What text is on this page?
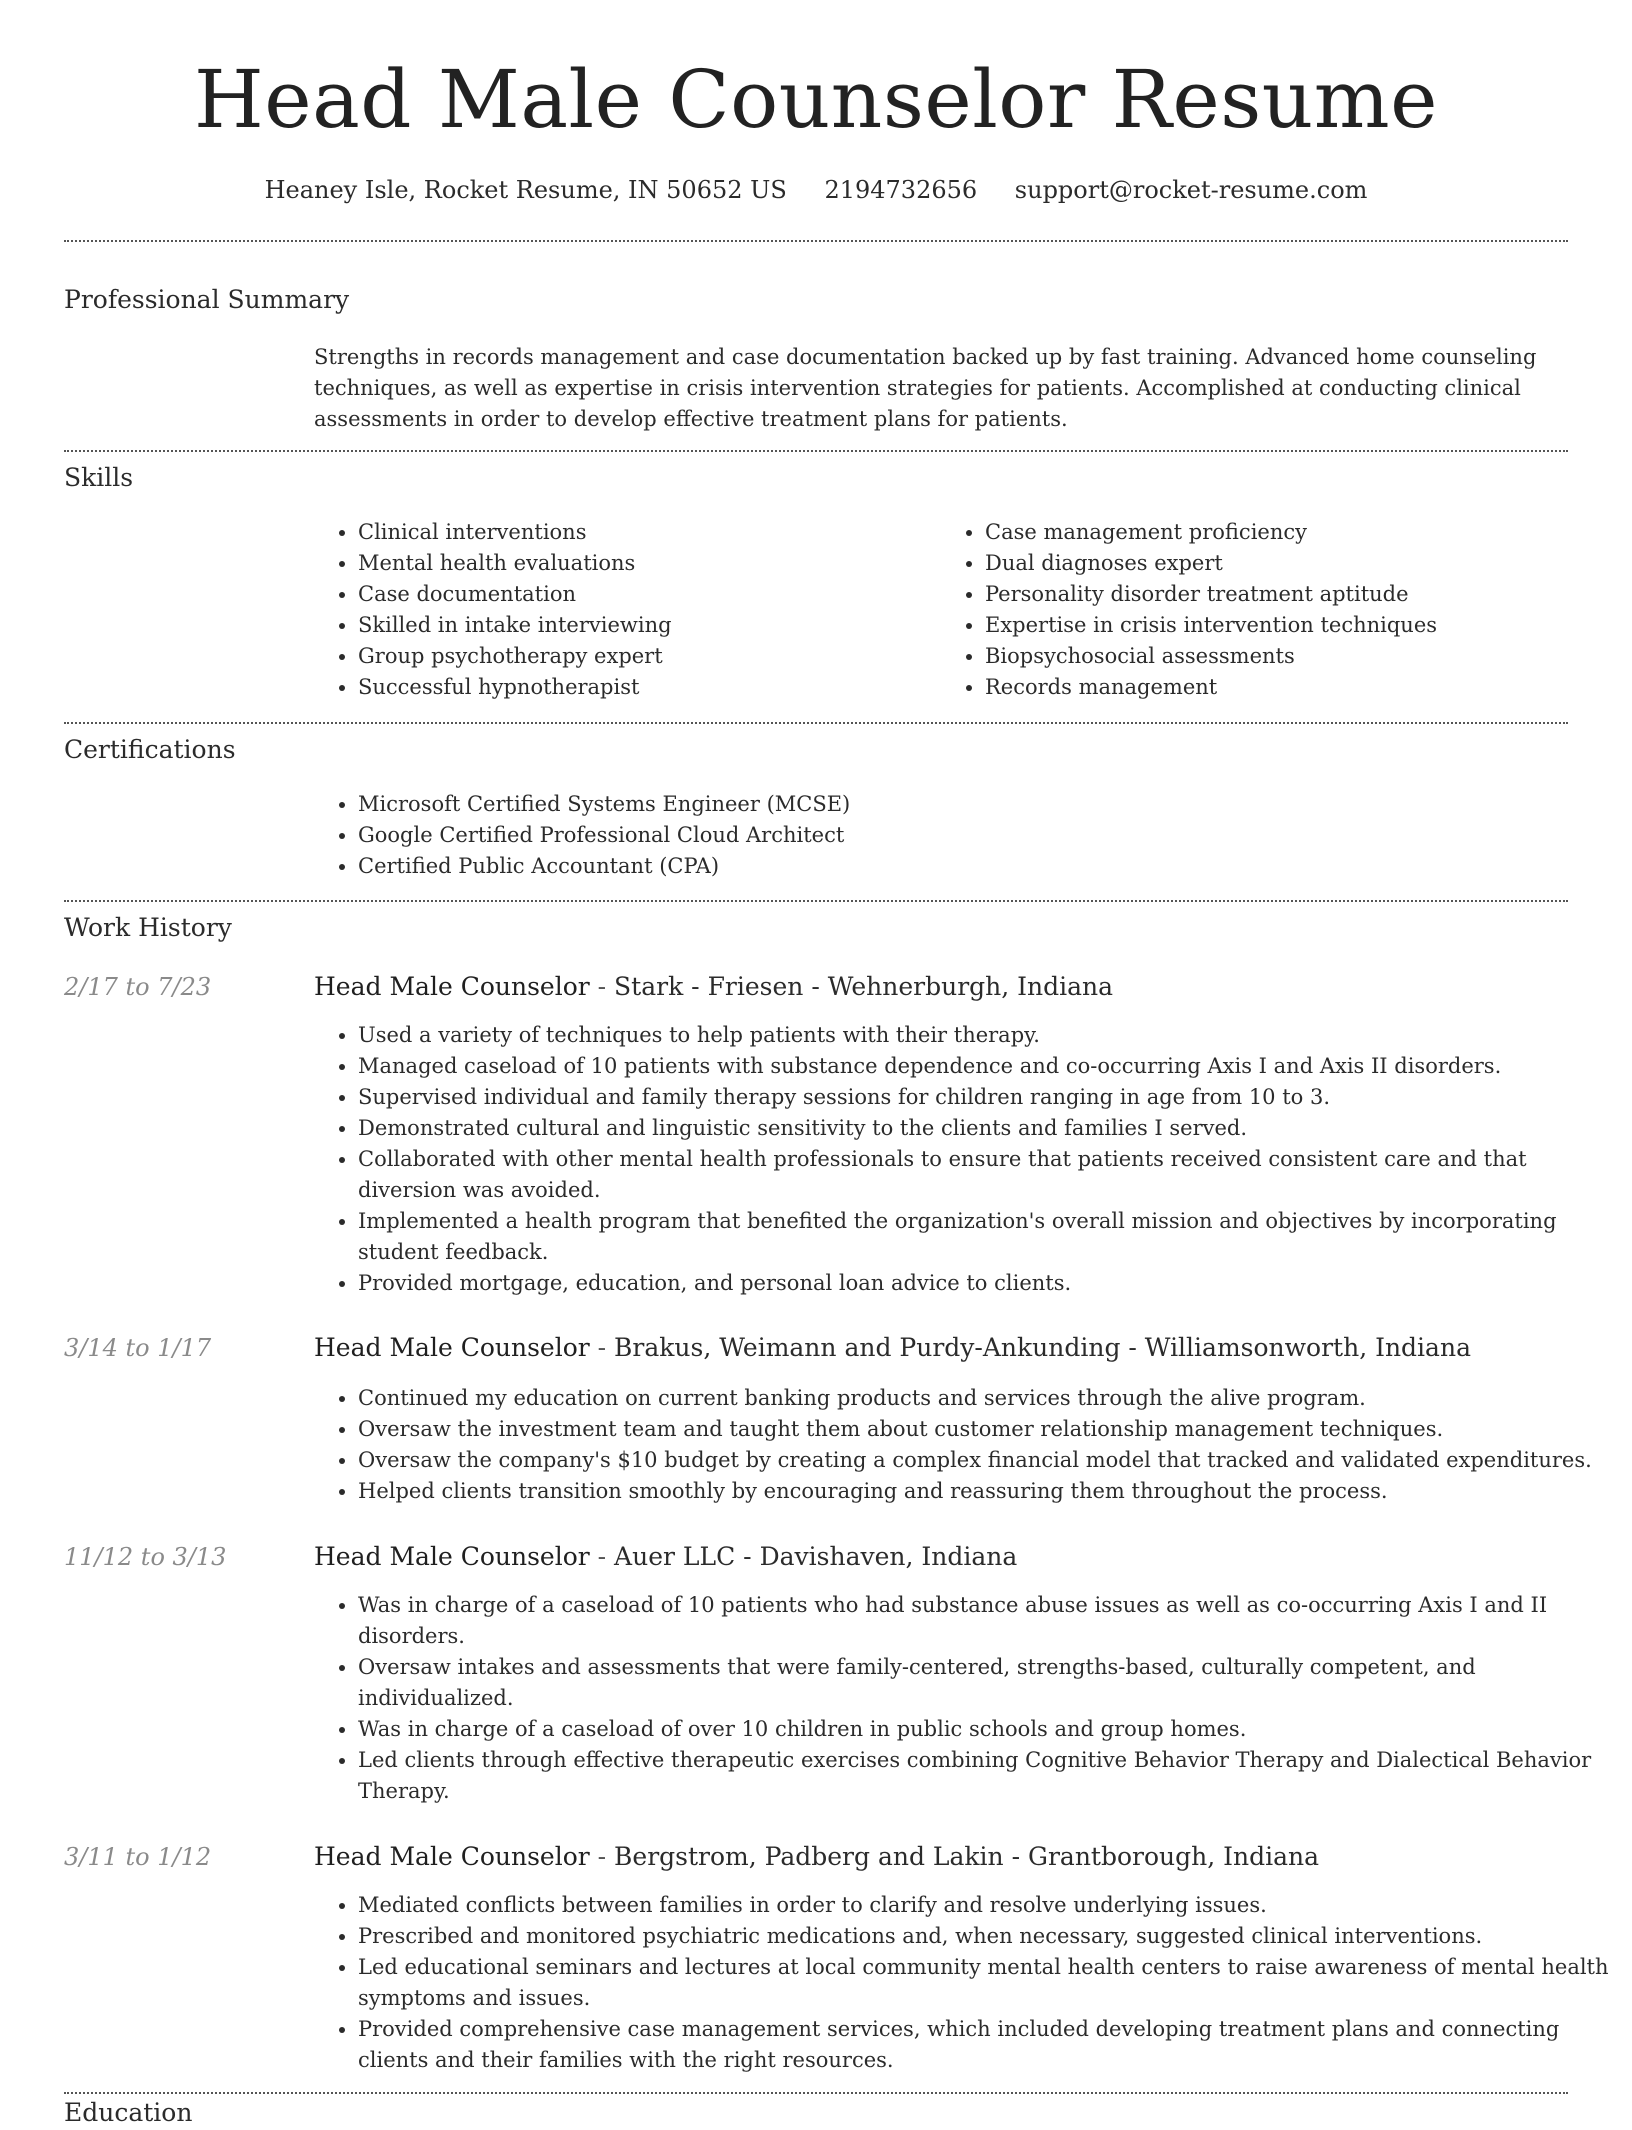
Head Male Counselor Resume
Heaney Isle, Rocket Resume, IN 50652 US 2194732656 support@rocket-resume.com
Professional Summary
Strengths in records management and case documentation backed up by fast training. Advanced home counseling techniques, as well as expertise in crisis intervention strategies for patients. Accomplished at conducting clinical assessments in order to develop effective treatment plans for patients.
Skills
• Clinical interventions
• Mental health evaluations
• Case documentation
• Skilled in intake interviewing
• Group psychotherapy expert
• Successful hypnotherapist
• Case management proficiency
• Dual diagnoses expert
• Personality disorder treatment aptitude
• Expertise in crisis intervention techniques
• Biopsychosocial assessments
• Records management
Certifications
• Microsoft Certified Systems Engineer (MCSE)
• Google Certified Professional Cloud Architect
• Certified Public Accountant (CPA)
Work History
2/17 to 7/23	Head Male Counselor - Stark - Friesen - Wehnerburgh, Indiana
• Used a variety of techniques to help patients with their therapy.
• Managed caseload of 10 patients with substance dependence and co-occurring Axis I and Axis II disorders.
• Supervised individual and family therapy sessions for children ranging in age from 10 to 3.
• Demonstrated cultural and linguistic sensitivity to the clients and families I served.
• Collaborated with other mental health professionals to ensure that patients received consistent care and that diversion was avoided.
• Implemented a health program that benefited the organization's overall mission and objectives by incorporating student feedback.
• Provided mortgage, education, and personal loan advice to clients.
3/14 to 1/17	Head Male Counselor - Brakus, Weimann and Purdy-Ankunding - Williamsonworth, Indiana
• Continued my education on current banking products and services through the alive program.
• Oversaw the investment team and taught them about customer relationship management techniques.
• Oversaw the company's $10 budget by creating a complex financial model that tracked and validated expenditures.
• Helped clients transition smoothly by encouraging and reassuring them throughout the process.
11/12 to 3/13	Head Male Counselor - Auer LLC - Davishaven, Indiana
• Was in charge of a caseload of 10 patients who had substance abuse issues as well as co-occurring Axis I and II disorders.
• Oversaw intakes and assessments that were family-centered, strengths-based, culturally competent, and individualized.
• Was in charge of a caseload of over 10 children in public schools and group homes.
• Led clients through effective therapeutic exercises combining Cognitive Behavior Therapy and Dialectical Behavior Therapy.
3/11 to 1/12	Head Male Counselor - Bergstrom, Padberg and Lakin - Grantborough, Indiana
• Mediated conflicts between families in order to clarify and resolve underlying issues.
• Prescribed and monitored psychiatric medications and, when necessary, suggested clinical interventions.
• Led educational seminars and lectures at local community mental health centers to raise awareness of mental health symptoms and issues.
• Provided comprehensive case management services, which included developing treatment plans and connecting clients and their families with the right resources.
Education
